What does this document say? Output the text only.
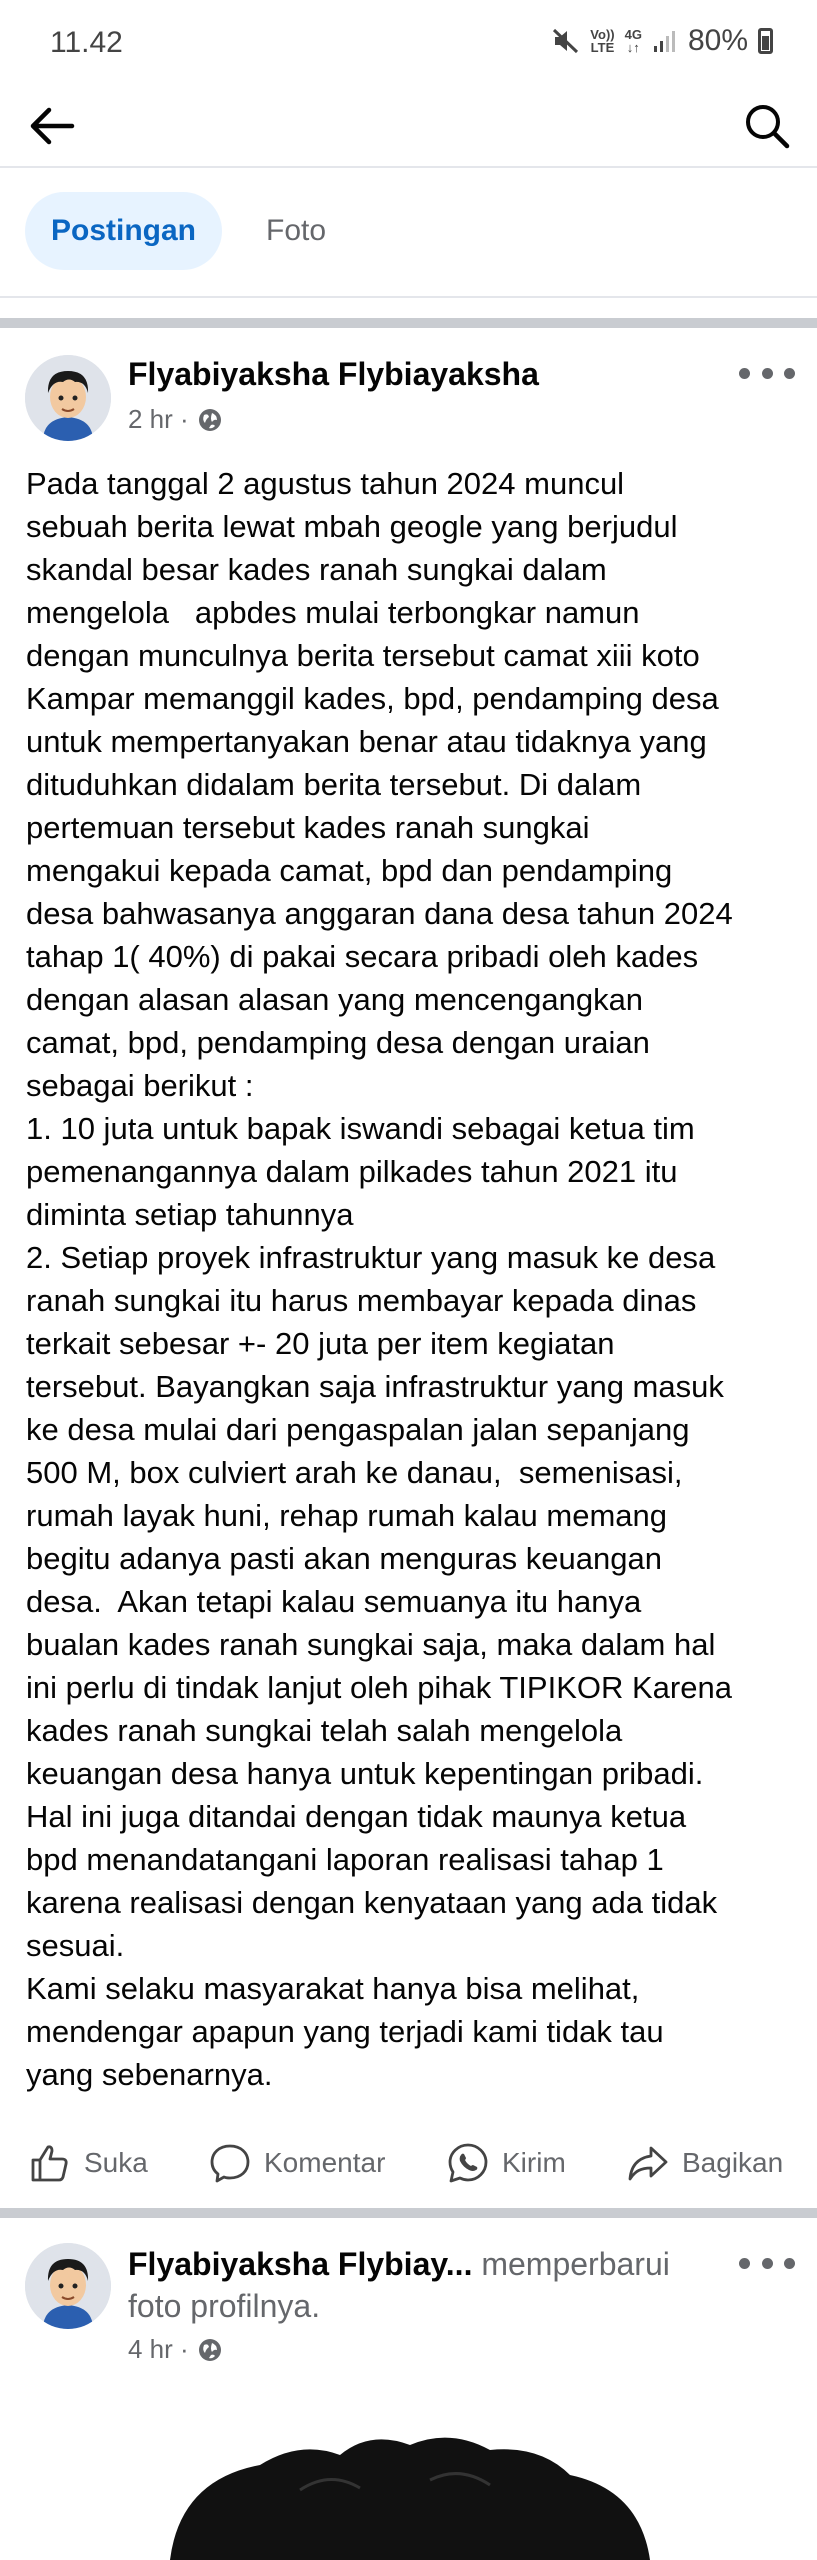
11.42	Vo))
LTE
4G
↓↑ 80%
Postingan	Foto
Flyabiyaksha Flybiayaksha
2 hr ·
Pada tanggal 2 agustus tahun 2024 muncul
sebuah berita lewat mbah geogle yang berjudul
skandal besar kades ranah sungkai dalam
mengelola   apbdes mulai terbongkar namun
dengan munculnya berita tersebut camat xiii koto
Kampar memanggil kades, bpd, pendamping desa
untuk mempertanyakan benar atau tidaknya yang
dituduhkan didalam berita tersebut. Di dalam
pertemuan tersebut kades ranah sungkai
mengakui kepada camat, bpd dan pendamping
desa bahwasanya anggaran dana desa tahun 2024
tahap 1( 40%) di pakai secara pribadi oleh kades
dengan alasan alasan yang mencengangkan
camat, bpd, pendamping desa dengan uraian
sebagai berikut :
1. 10 juta untuk bapak iswandi sebagai ketua tim
pemenangannya dalam pilkades tahun 2021 itu
diminta setiap tahunnya
2. Setiap proyek infrastruktur yang masuk ke desa
ranah sungkai itu harus membayar kepada dinas
terkait sebesar +- 20 juta per item kegiatan
tersebut. Bayangkan saja infrastruktur yang masuk
ke desa mulai dari pengaspalan jalan sepanjang
500 M, box culviert arah ke danau,  semenisasi,
rumah layak huni, rehap rumah kalau memang
begitu adanya pasti akan menguras keuangan
desa.  Akan tetapi kalau semuanya itu hanya
bualan kades ranah sungkai saja, maka dalam hal
ini perlu di tindak lanjut oleh pihak TIPIKOR Karena
kades ranah sungkai telah salah mengelola
keuangan desa hanya untuk kepentingan pribadi.
Hal ini juga ditandai dengan tidak maunya ketua
bpd menandatangani laporan realisasi tahap 1
karena realisasi dengan kenyataan yang ada tidak
sesuai.
Kami selaku masyarakat hanya bisa melihat,
mendengar apapun yang terjadi kami tidak tau
yang sebenarnya.
Suka	Komentar	Kirim	Bagikan
Flyabiyaksha Flybiay... memperbarui
foto profilnya.
4 hr ·
